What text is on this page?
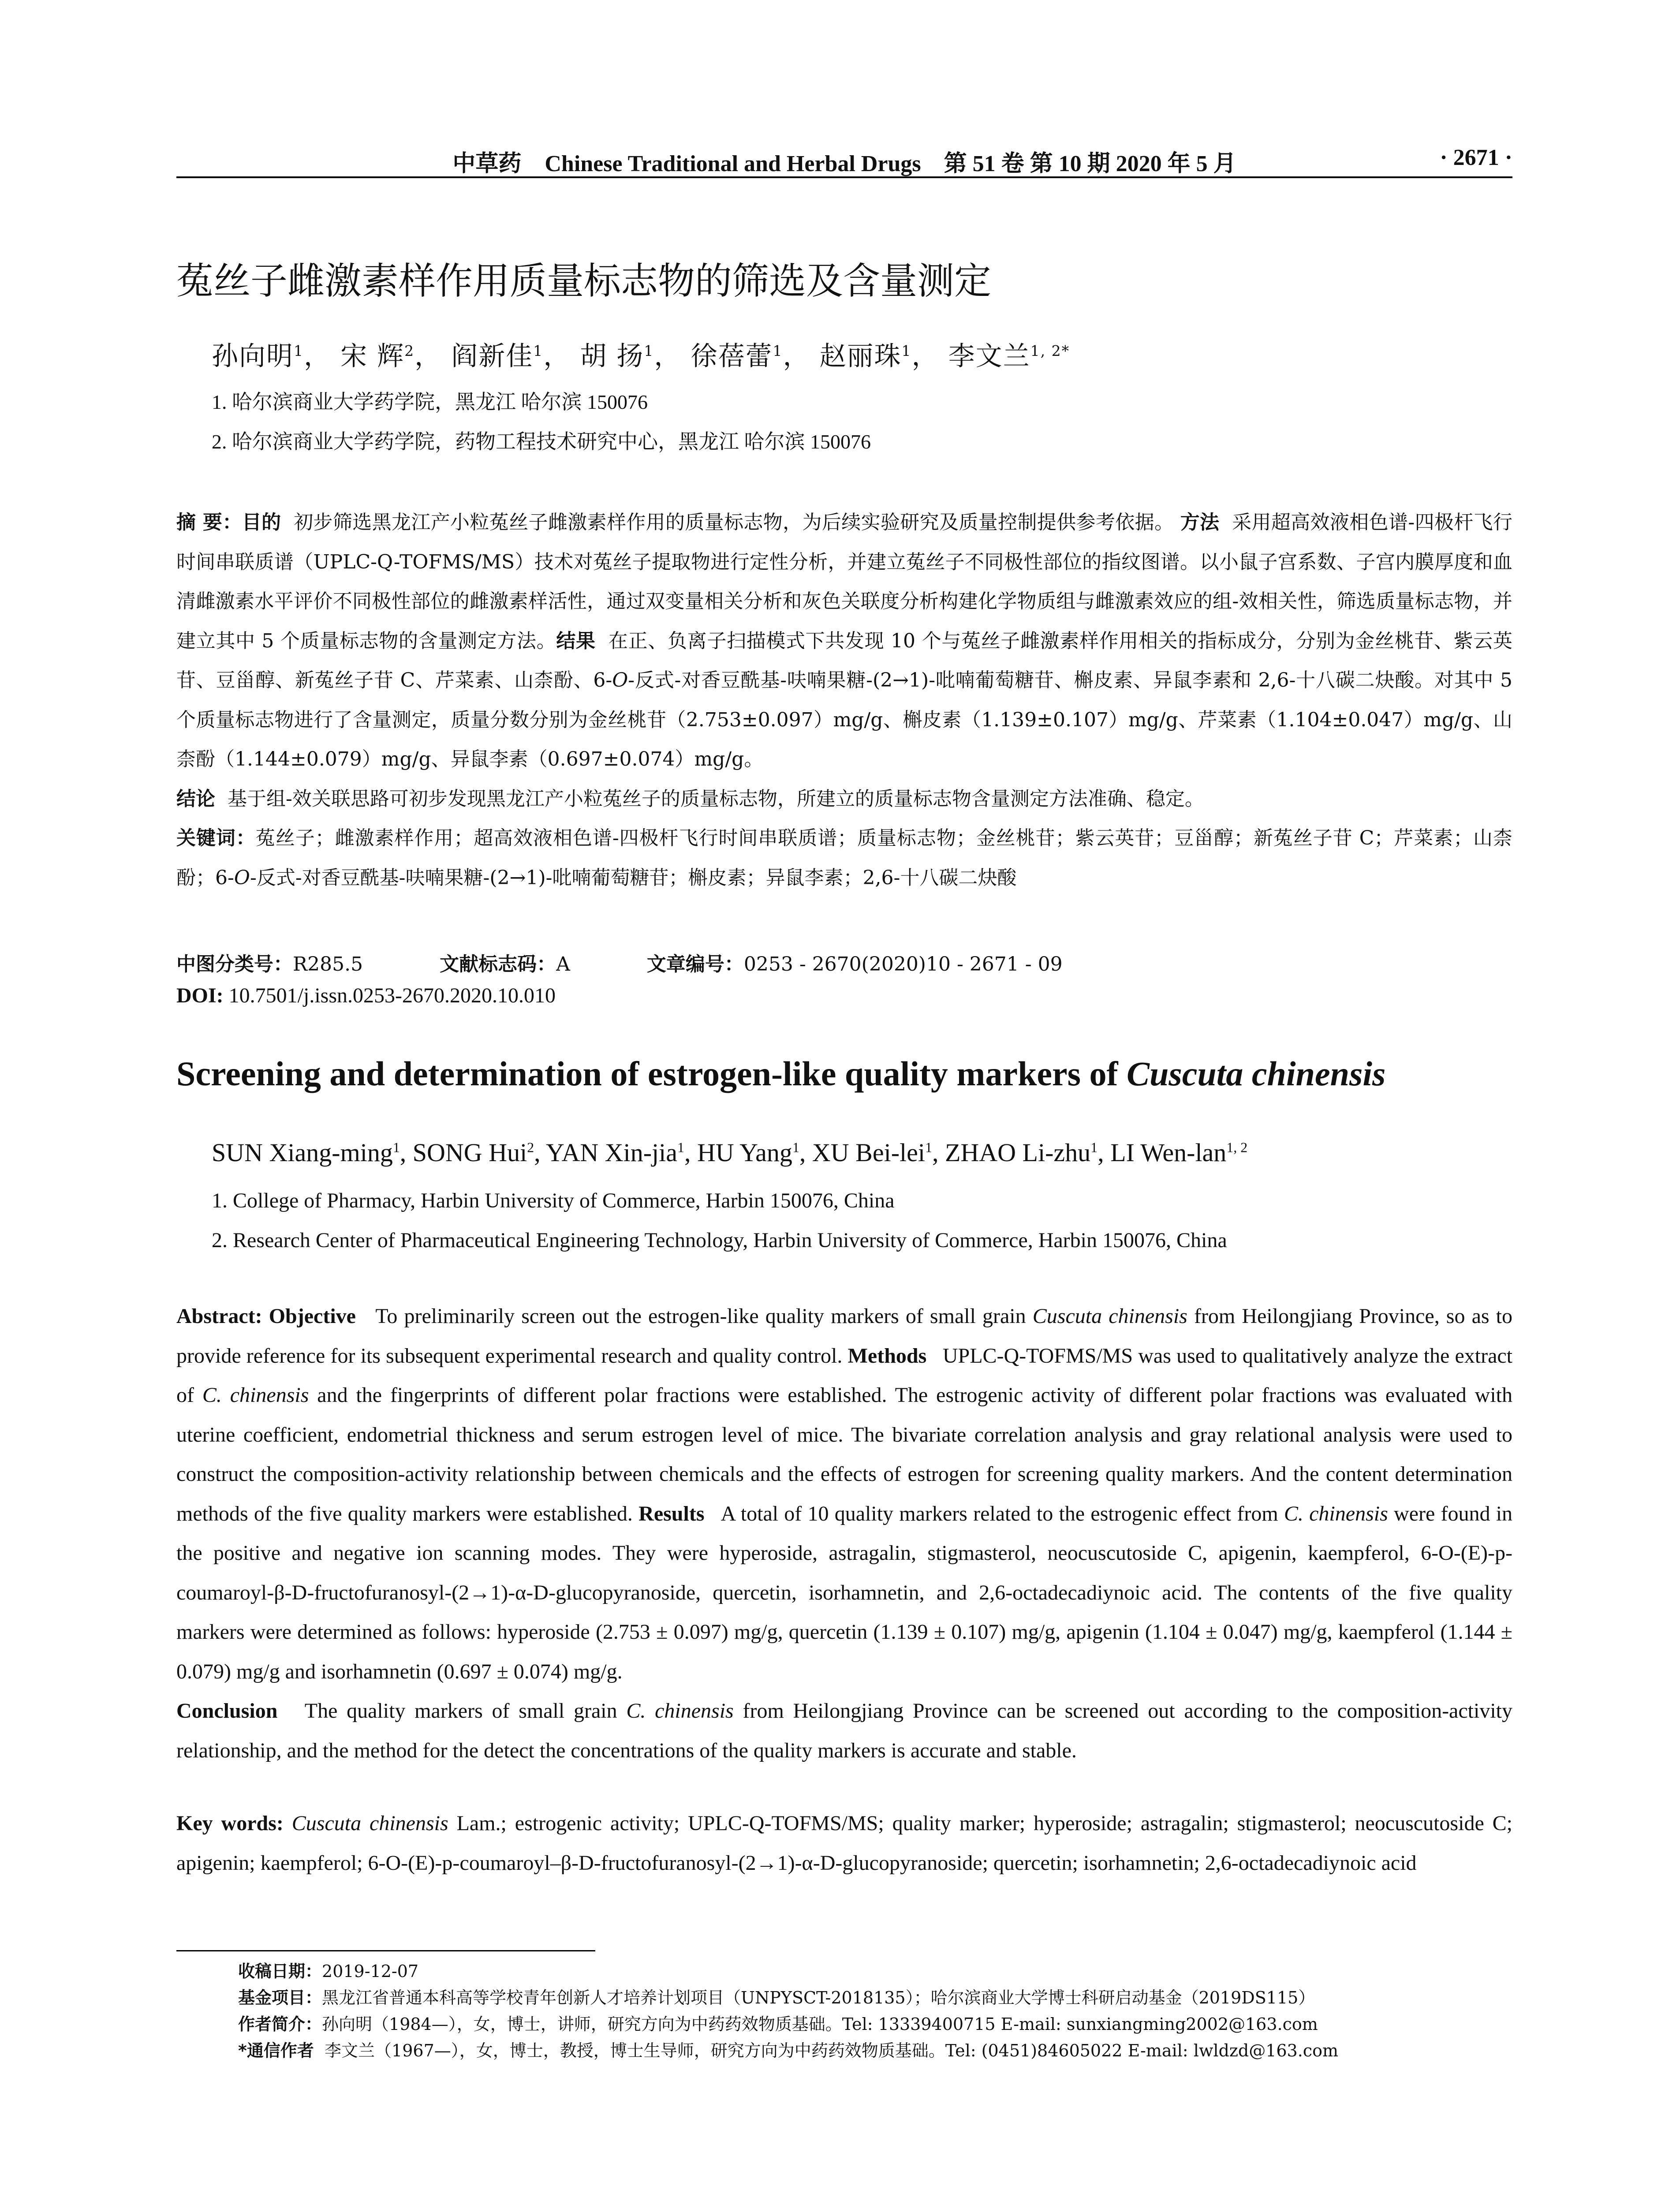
中草药 Chinese Traditional and Herbal Drugs 第 51 卷 第 10 期 2020 年 5 月	· 2671 ·
菟丝子雌激素样作用质量标志物的筛选及含量测定
孙向明$^1$， 宋 辉$^2$， 阎新佳$^1$， 胡 扬$^1$， 徐蓓蕾$^1$， 赵丽珠$^1$， 李文兰$^{1, 2*}$
1. 哈尔滨商业大学药学院，黑龙江 哈尔滨 150076
2. 哈尔滨商业大学药学院，药物工程技术研究中心，黑龙江 哈尔滨 150076
摘 要：目的 初步筛选黑龙江产小粒菟丝子雌激素样作用的质量标志物，为后续实验研究及质量控制提供参考依据。 方法 采用超高效液相色谱-四极杆飞行时间串联质谱（UPLC-Q-TOFMS/MS）技术对菟丝子提取物进行定性分析，并建立菟丝子不同极性部位的指纹图谱。以小鼠子宫系数、子宫内膜厚度和血清雌激素水平评价不同极性部位的雌激素样活性，通过双变量相关分析和灰色关联度分析构建化学物质组与雌激素效应的组-效相关性，筛选质量标志物，并建立其中 5 个质量标志物的含量测定方法。结果 在正、负离子扫描模式下共发现 10 个与菟丝子雌激素样作用相关的指标成分，分别为金丝桃苷、紫云英苷、豆甾醇、新菟丝子苷 C、芹菜素、山柰酚、6-O-反式-对香豆酰基-呋喃果糖-(2→1)-吡喃葡萄糖苷、槲皮素、异鼠李素和 2,6-十八碳二炔酸。对其中 5 个质量标志物进行了含量测定，质量分数分别为金丝桃苷（2.753±0.097）mg/g、槲皮素（1.139±0.107）mg/g、芹菜素（1.104±0.047）mg/g、山柰酚（1.144±0.079）mg/g、异鼠李素（0.697±0.074）mg/g。
结论 基于组-效关联思路可初步发现黑龙江产小粒菟丝子的质量标志物，所建立的质量标志物含量测定方法准确、稳定。
关键词：菟丝子；雌激素样作用；超高效液相色谱-四极杆飞行时间串联质谱；质量标志物；金丝桃苷；紫云英苷；豆甾醇；新菟丝子苷 C；芹菜素；山柰酚；6-O-反式-对香豆酰基-呋喃果糖-(2→1)-吡喃葡萄糖苷；槲皮素；异鼠李素；2,6-十八碳二炔酸
中图分类号：R285.5	文献标志码：A	文章编号：0253 - 2670(2020)10 - 2671 - 09
DOI: 10.7501/j.issn.0253-2670.2020.10.010
Screening and determination of estrogen-like quality markers of Cuscuta chinensis
SUN Xiang-ming$^1$, SONG Hui$^2$, YAN Xin-jia$^1$, HU Yang$^1$, XU Bei-lei$^1$, ZHAO Li-zhu$^1$, LI Wen-lan$^{1, 2}$
1. College of Pharmacy, Harbin University of Commerce, Harbin 150076, China
2. Research Center of Pharmaceutical Engineering Technology, Harbin University of Commerce, Harbin 150076, China
Abstract: Objective To preliminarily screen out the estrogen-like quality markers of small grain Cuscuta chinensis from Heilongjiang Province, so as to provide reference for its subsequent experimental research and quality control. Methods UPLC-Q-TOFMS/MS was used to qualitatively analyze the extract of C. chinensis and the fingerprints of different polar fractions were established. The estrogenic activity of different polar fractions was evaluated with uterine coefficient, endometrial thickness and serum estrogen level of mice. The bivariate correlation analysis and gray relational analysis were used to construct the composition-activity relationship between chemicals and the effects of estrogen for screening quality markers. And the content determination methods of the five quality markers were established. Results A total of 10 quality markers related to the estrogenic effect from C. chinensis were found in the positive and negative ion scanning modes. They were hyperoside, astragalin, stigmasterol, neocuscutoside C, apigenin, kaempferol, 6-O-(E)-p-coumaroyl-β-D-fructofuranosyl-(2→1)-α-D-glucopyranoside, quercetin, isorhamnetin, and 2,6-octadecadiynoic acid. The contents of the five quality markers were determined as follows: hyperoside (2.753 ± 0.097) mg/g, quercetin (1.139 ± 0.107) mg/g, apigenin (1.104 ± 0.047) mg/g, kaempferol (1.144 ± 0.079) mg/g and isorhamnetin (0.697 ± 0.074) mg/g.
Conclusion The quality markers of small grain C. chinensis from Heilongjiang Province can be screened out according to the composition-activity relationship, and the method for the detect the concentrations of the quality markers is accurate and stable.
Key words: Cuscuta chinensis Lam.; estrogenic activity; UPLC-Q-TOFMS/MS; quality marker; hyperoside; astragalin; stigmasterol; neocuscutoside C; apigenin; kaempferol; 6-O-(E)-p-coumaroyl–β-D-fructofuranosyl-(2→1)-α-D-glucopyranoside; quercetin; isorhamnetin; 2,6-octadecadiynoic acid
收稿日期：2019-12-07
基金项目：黑龙江省普通本科高等学校青年创新人才培养计划项目（UNPYSCT-2018135）；哈尔滨商业大学博士科研启动基金（2019DS115）
作者简介：孙向明（1984—），女，博士，讲师，研究方向为中药药效物质基础。Tel: 13339400715 E-mail: sunxiangming2002@163.com
*通信作者 李文兰（1967—），女，博士，教授，博士生导师，研究方向为中药药效物质基础。Tel: (0451)84605022 E-mail: lwldzd@163.com
